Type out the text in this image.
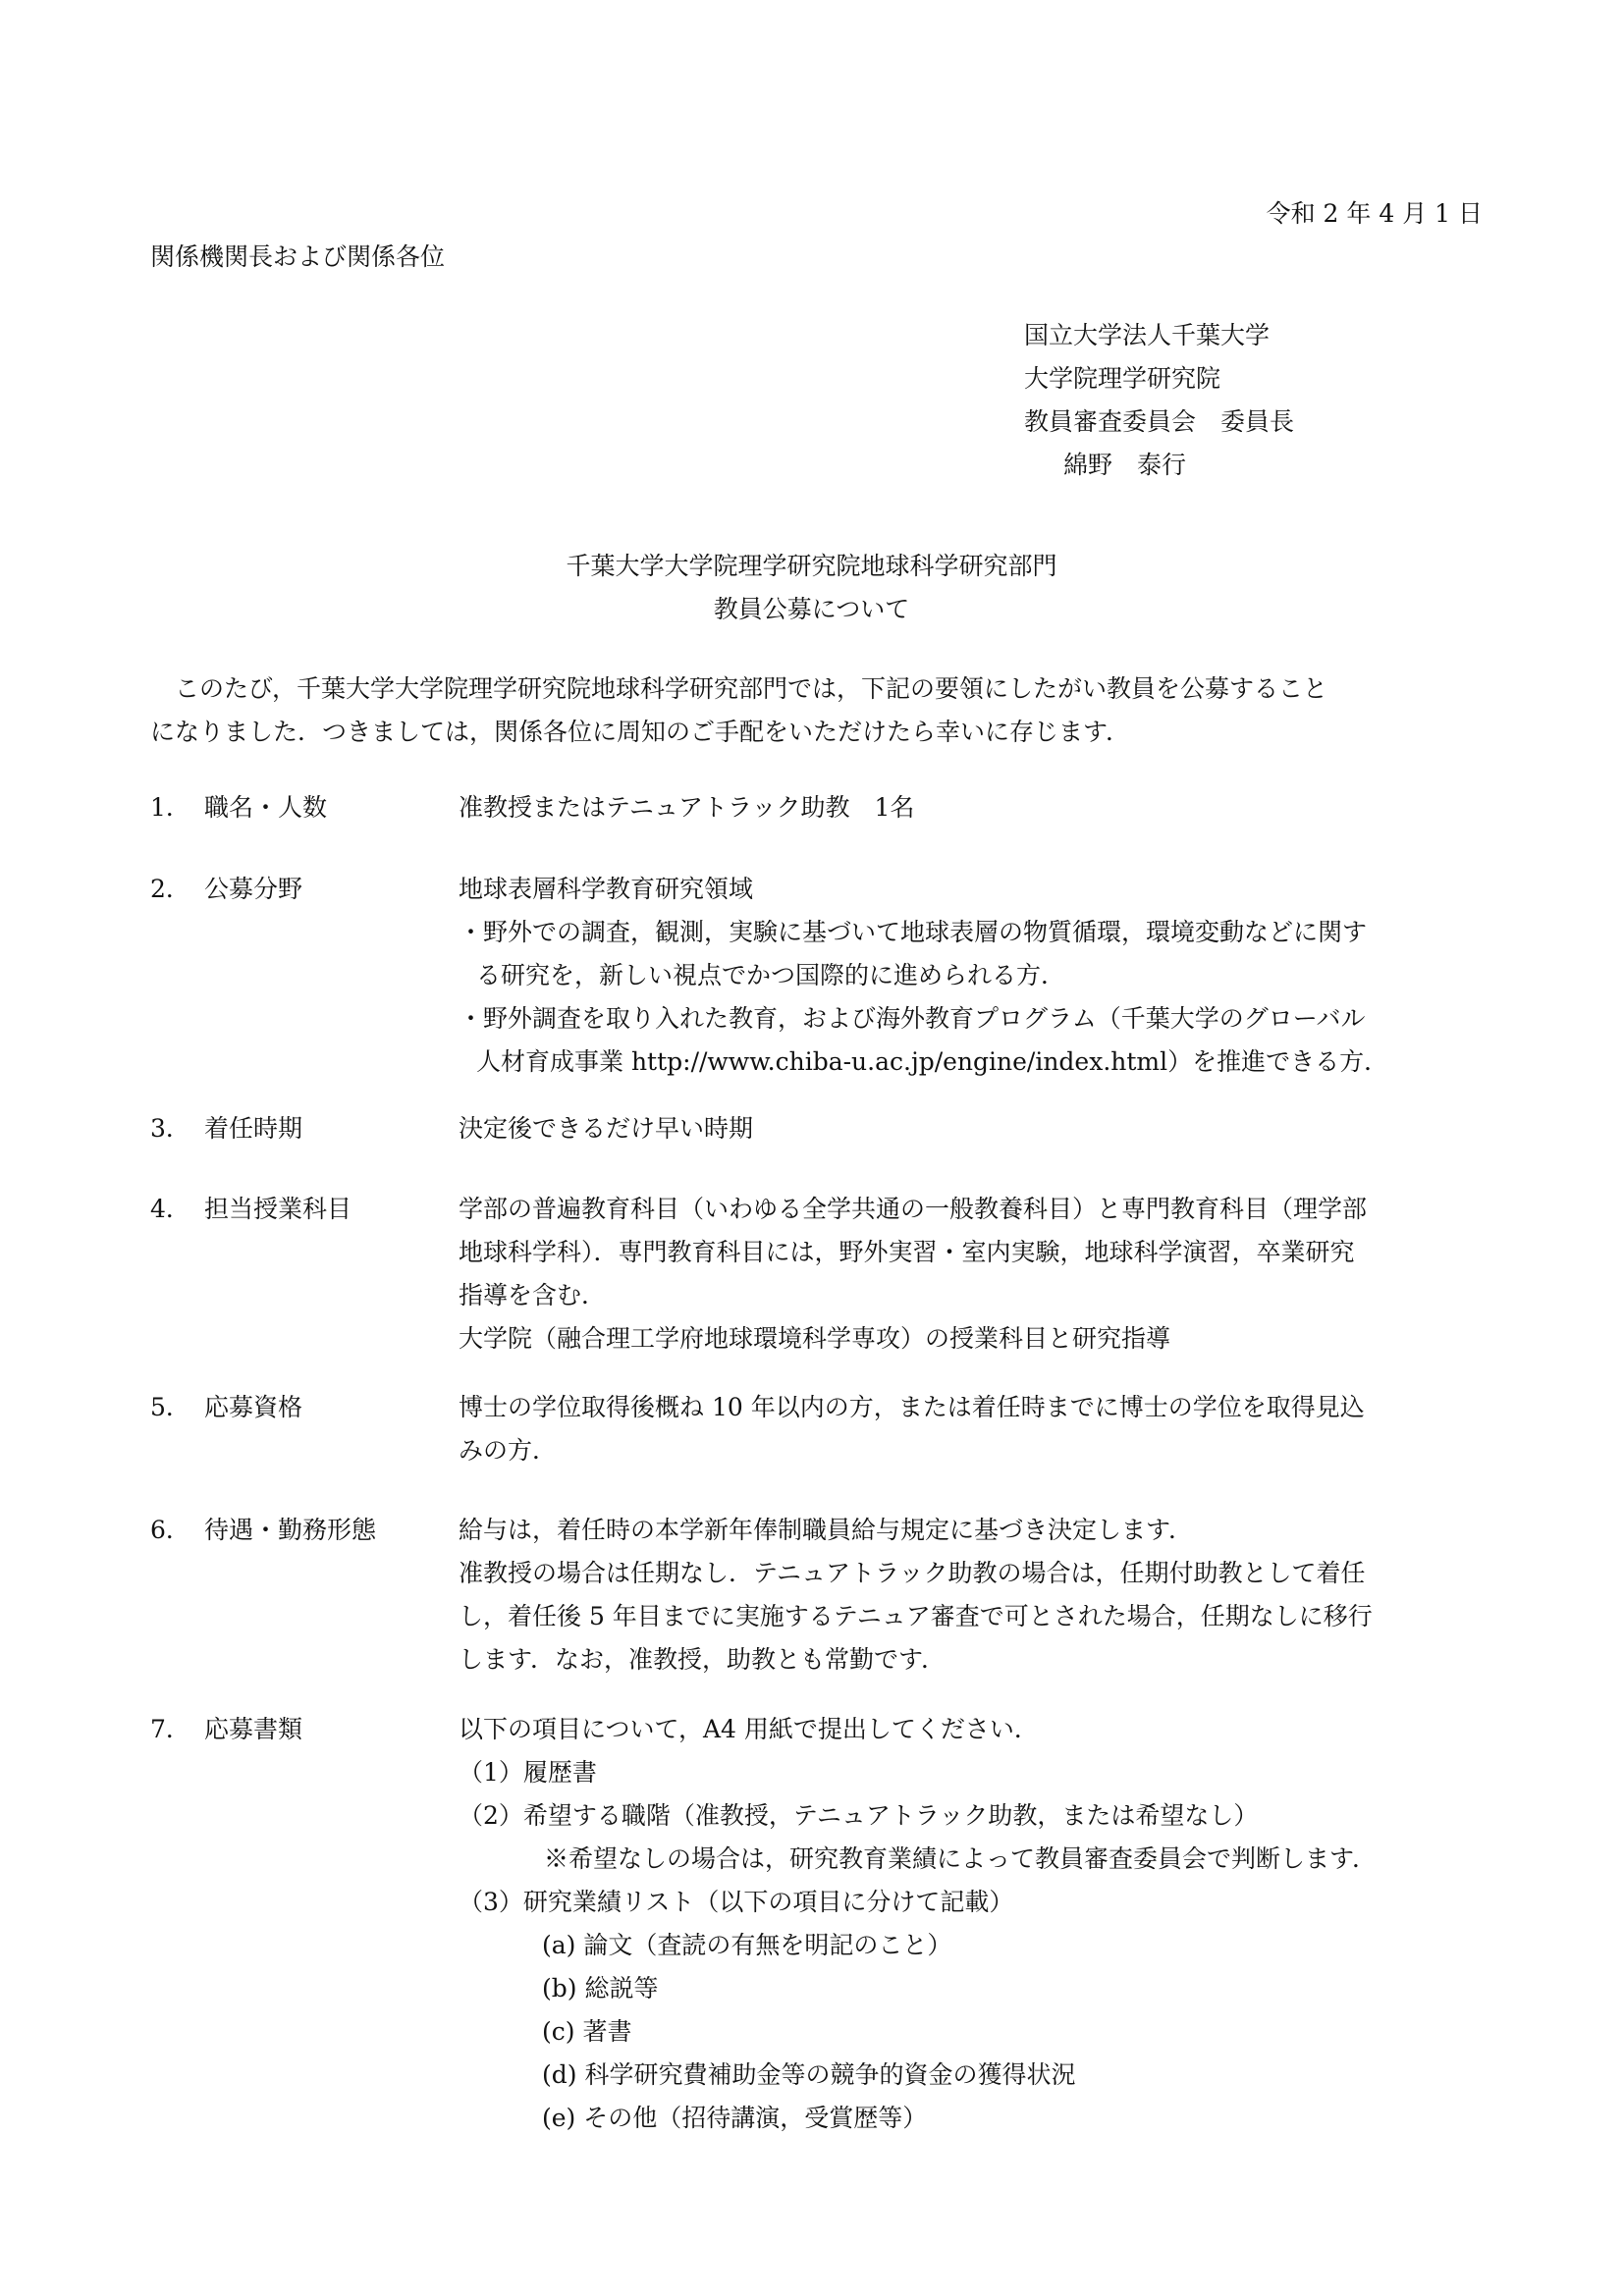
令和 2 年 4 月 1 日
関係機関長および関係各位
国立大学法人千葉大学
大学院理学研究院
教員審査委員会　委員長
綿野　泰行
千葉大学大学院理学研究院地球科学研究部門
教員公募について
　このたび，千葉大学大学院理学研究院地球科学研究部門では，下記の要領にしたがい教員を公募すること
になりました．つきましては，関係各位に周知のご手配をいただけたら幸いに存じます．
1． 職名・人数	准教授またはテニュアトラック助教　1名
2． 公募分野	地球表層科学教育研究領域
・野外での調査，観測，実験に基づいて地球表層の物質循環，環境変動などに関す
る研究を，新しい視点でかつ国際的に進められる方．
・野外調査を取り入れた教育，および海外教育プログラム（千葉大学のグローバル
人材育成事業 http://www.chiba-u.ac.jp/engine/index.html）を推進できる方．
3． 着任時期	決定後できるだけ早い時期
4． 担当授業科目	学部の普遍教育科目（いわゆる全学共通の一般教養科目）と専門教育科目（理学部
地球科学科）．専門教育科目には，野外実習・室内実験，地球科学演習，卒業研究
指導を含む．
大学院（融合理工学府地球環境科学専攻）の授業科目と研究指導
5． 応募資格	博士の学位取得後概ね 10 年以内の方，または着任時までに博士の学位を取得見込
みの方．
6． 待遇・勤務形態	給与は，着任時の本学新年俸制職員給与規定に基づき決定します．
准教授の場合は任期なし．テニュアトラック助教の場合は，任期付助教として着任
し，着任後 5 年目までに実施するテニュア審査で可とされた場合，任期なしに移行
します．なお，准教授，助教とも常勤です．
7． 応募書類	以下の項目について，A4 用紙で提出してください．
（1）履歴書
（2）希望する職階（准教授，テニュアトラック助教，または希望なし）
※希望なしの場合は，研究教育業績によって教員審査委員会で判断します．
（3）研究業績リスト（以下の項目に分けて記載）
(a) 論文（査読の有無を明記のこと）
(b) 総説等
(c) 著書
(d) 科学研究費補助金等の競争的資金の獲得状況
(e) その他（招待講演，受賞歴等）
